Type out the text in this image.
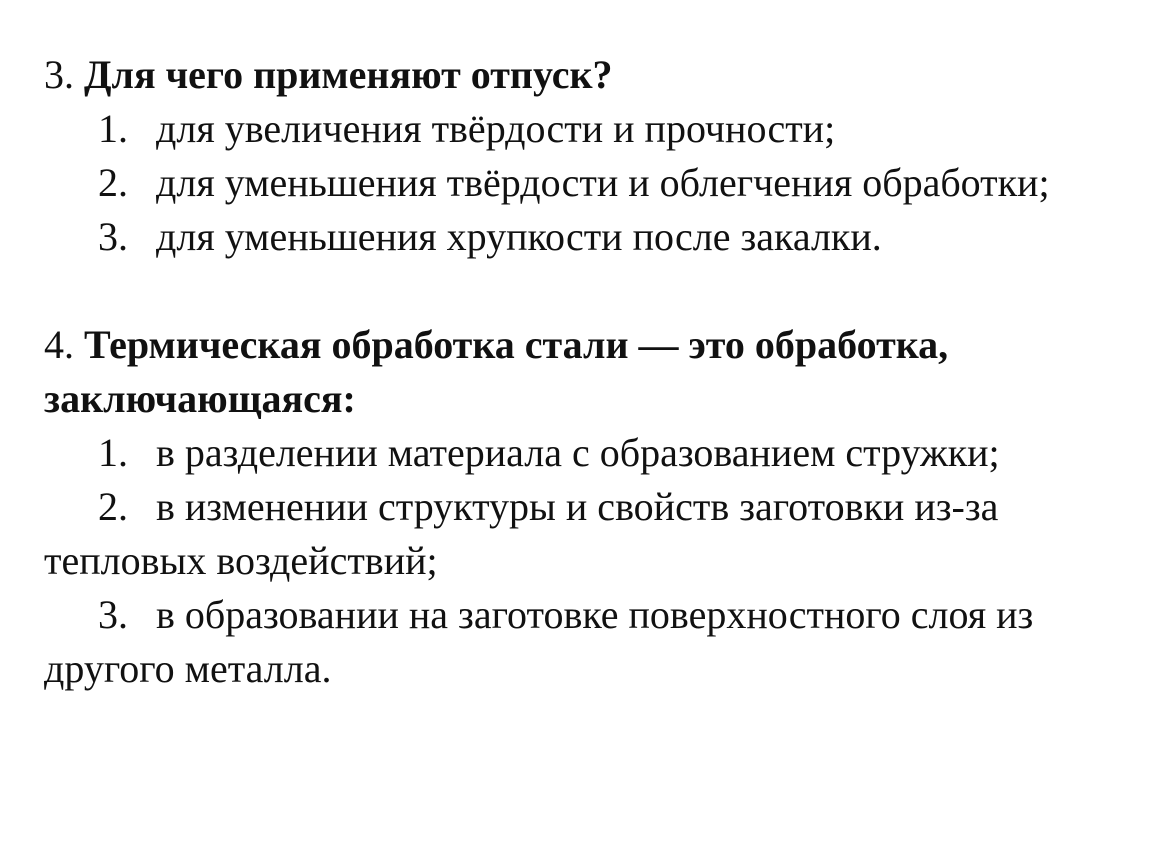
3. Для чего применяют отпуск?

1. для увеличения твёрдости и прочности;
2. для уменьшения твёрдости и облегчения обработки;
3. для уменьшения хрупкости после закалки.

4. Термическая обработка стали — это обработка, заключающаяся:

1. в разделении материала с образованием стружки;
2. в изменении структуры и свойств заготовки из-за тепловых воздействий;
3. в образовании на заготовке поверхностного слоя из другого металла.
